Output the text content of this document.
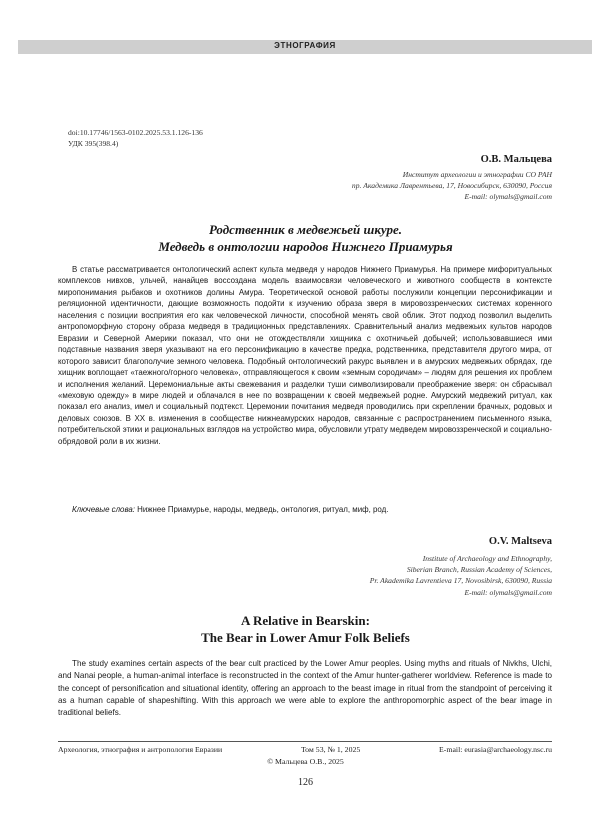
ЭТНОГРАФИЯ
doi:10.17746/1563-0102.2025.53.1.126-136
УДК 395(398.4)
О.В. Мальцева
Институт археологии и этнографии СО РАН
пр. Академика Лаврентьева, 17, Новосибирск, 630090, Россия
E-mail: olymals@gmail.com
Родственник в медвежьей шкуре.
Медведь в онтологии народов Нижнего Приамурья

В статье рассматривается онтологический аспект культа медведя у народов Нижнего Приамурья. На примере мифоритуальных комплексов нивхов, ульчей, нанайцев воссоздана модель взаимосвязи человеческого и животного сообществ в контексте миропонимания рыбаков и охотников долины Амура. Теоретической основой работы послужили концепции персонификации и реляционной идентичности, дающие возможность подойти к изучению образа зверя в мировоззренческих системах коренного населения с позиции восприятия его как человеческой личности, способной менять свой облик. Этот подход позволил выделить антропоморфную сторону образа медведя в традиционных представлениях. Сравнительный анализ медвежьих культов народов Евразии и Северной Америки показал, что они не отождествляли хищника с охотничьей добычей; использовавшиеся ими подставные названия зверя указывают на его персонификацию в качестве предка, родственника, представителя другого мира, от которого зависит благополучие земного человека. Подобный онтологический ракурс выявлен и в амурских медвежьих обрядах, где хищник воплощает «таежного/горного человека», отправляющегося к своим «земным сородичам» – людям для решения их проблем и исполнения желаний. Церемониальные акты свежевания и разделки туши символизировали преображение зверя: он сбрасывал «меховую одежду» в мире людей и облачался в нее по возвращении к своей медвежьей родне. Амурский медвежий ритуал, как показал его анализ, имел и социальный подтекст. Церемонии почитания медведя проводились при скреплении брачных, родовых и деловых союзов. В ХХ в. изменения в сообществе нижнеамурских народов, связанные с распространением письменного языка, потребительской этики и рациональных взглядов на устройство мира, обусловили утрату медведем мировоззренческой и социально-обрядовой роли в их жизни.

Ключевые слова: Нижнее Приамурье, народы, медведь, онтология, ритуал, миф, род.
O.V. Maltseva
Institute of Archaeology and Ethnography,
Siberian Branch, Russian Academy of Sciences,
Pr. Akademika Lavrentieva 17, Novosibirsk, 630090, Russia
E-mail: olymals@gmail.com
A Relative in Bearskin:
The Bear in Lower Amur Folk Beliefs

The study examines certain aspects of the bear cult practiced by the Lower Amur peoples. Using myths and rituals of Nivkhs, Ulchi, and Nanai people, a human-animal interface is reconstructed in the context of the Amur hunter-gatherer worldview. Reference is made to the concept of personification and situational identity, offering an approach to the beast image in ritual from the standpoint of perceiving it as a human capable of shapeshifting. With this approach we were able to explore the anthropomorphic aspect of the bear image in traditional beliefs.

Археология, этнография и антропология Евразии	Том 53, № 1, 2025	E-mail: eurasia@archaeology.nsc.ru
© Мальцева О.В., 2025
126
